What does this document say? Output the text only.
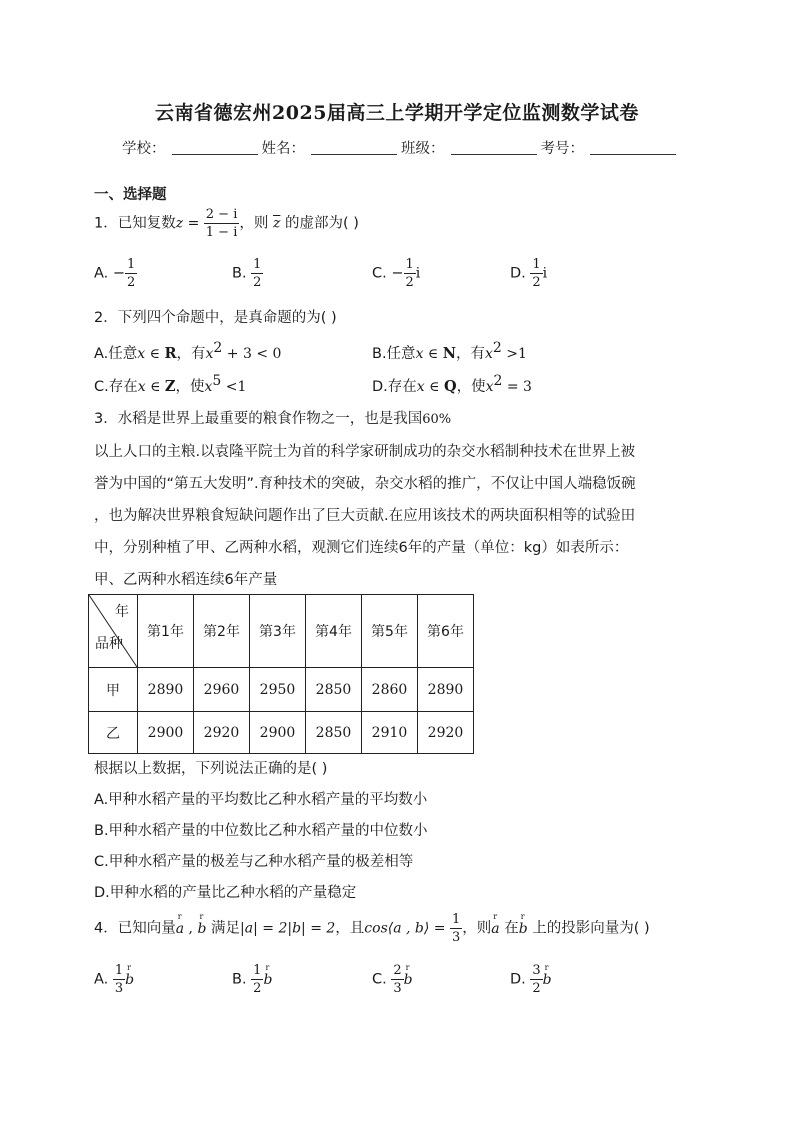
云南省德宏州2025届高三上学期开学定位监测数学试卷
学校：	姓名：	班级：	考号：
一、选择题
1．已知复数$z = \frac{2 - i}{1 - i}$ ，则 $\overline{z}$ 的虚部为( )
A. − $\frac{1}{2}$	B. $\frac{1}{2}$	C. − $\frac{1}{2}$ i	D. $\frac{1}{2}$ i
2．下列四个命题中，是真命题的为( )
A.任意x ∈ R，有$x^2 + 3 < 0$	B.任意x ∈ N，有$x^2 >1$
C.存在x ∈ Z，使$x^5 <1$	D.存在x ∈ Q，使$x^2 = 3$
3．水稻是世界上最重要的粮食作物之一，也是我国60%
以上人口的主粮.以袁隆平院士为首的科学家研制成功的杂交水稻制种技术在世界上被
誉为中国的“第五大发明”.育种技术的突破，杂交水稻的推广，不仅让中国人端稳饭碗
，也为解决世界粮食短缺问题作出了巨大贡献.在应用该技术的两块面积相等的试验田
中，分别种植了甲、乙两种水稻，观测它们连续6年的产量（单位：kg）如表所示：
甲、乙两种水稻连续6年产量
年
品种	第1年	第2年	第3年	第4年	第5年	第6年
甲	2890	2960	2950	2850	2860	2890
乙	2900	2920	2900	2850	2910	2920
根据以上数据，下列说法正确的是( )
A.甲种水稻产量的平均数比乙种水稻产量的平均数小
B.甲种水稻产量的中位数比乙种水稻产量的中位数小
C.甲种水稻产量的极差与乙种水稻产量的极差相等
D.甲种水稻的产量比乙种水稻的产量稳定
4．已知向量r a , r b 满足|a| = 2|b| = 2，且cos⟨a , b⟩ = $\frac{1}{3}$ ，则r a 在r b 上的投影向量为( )
A. $\frac{1}{3}$ r b	B. $\frac{1}{2}$ r b	C. $\frac{2}{3}$ r b	D. $\frac{3}{2}$ r b
